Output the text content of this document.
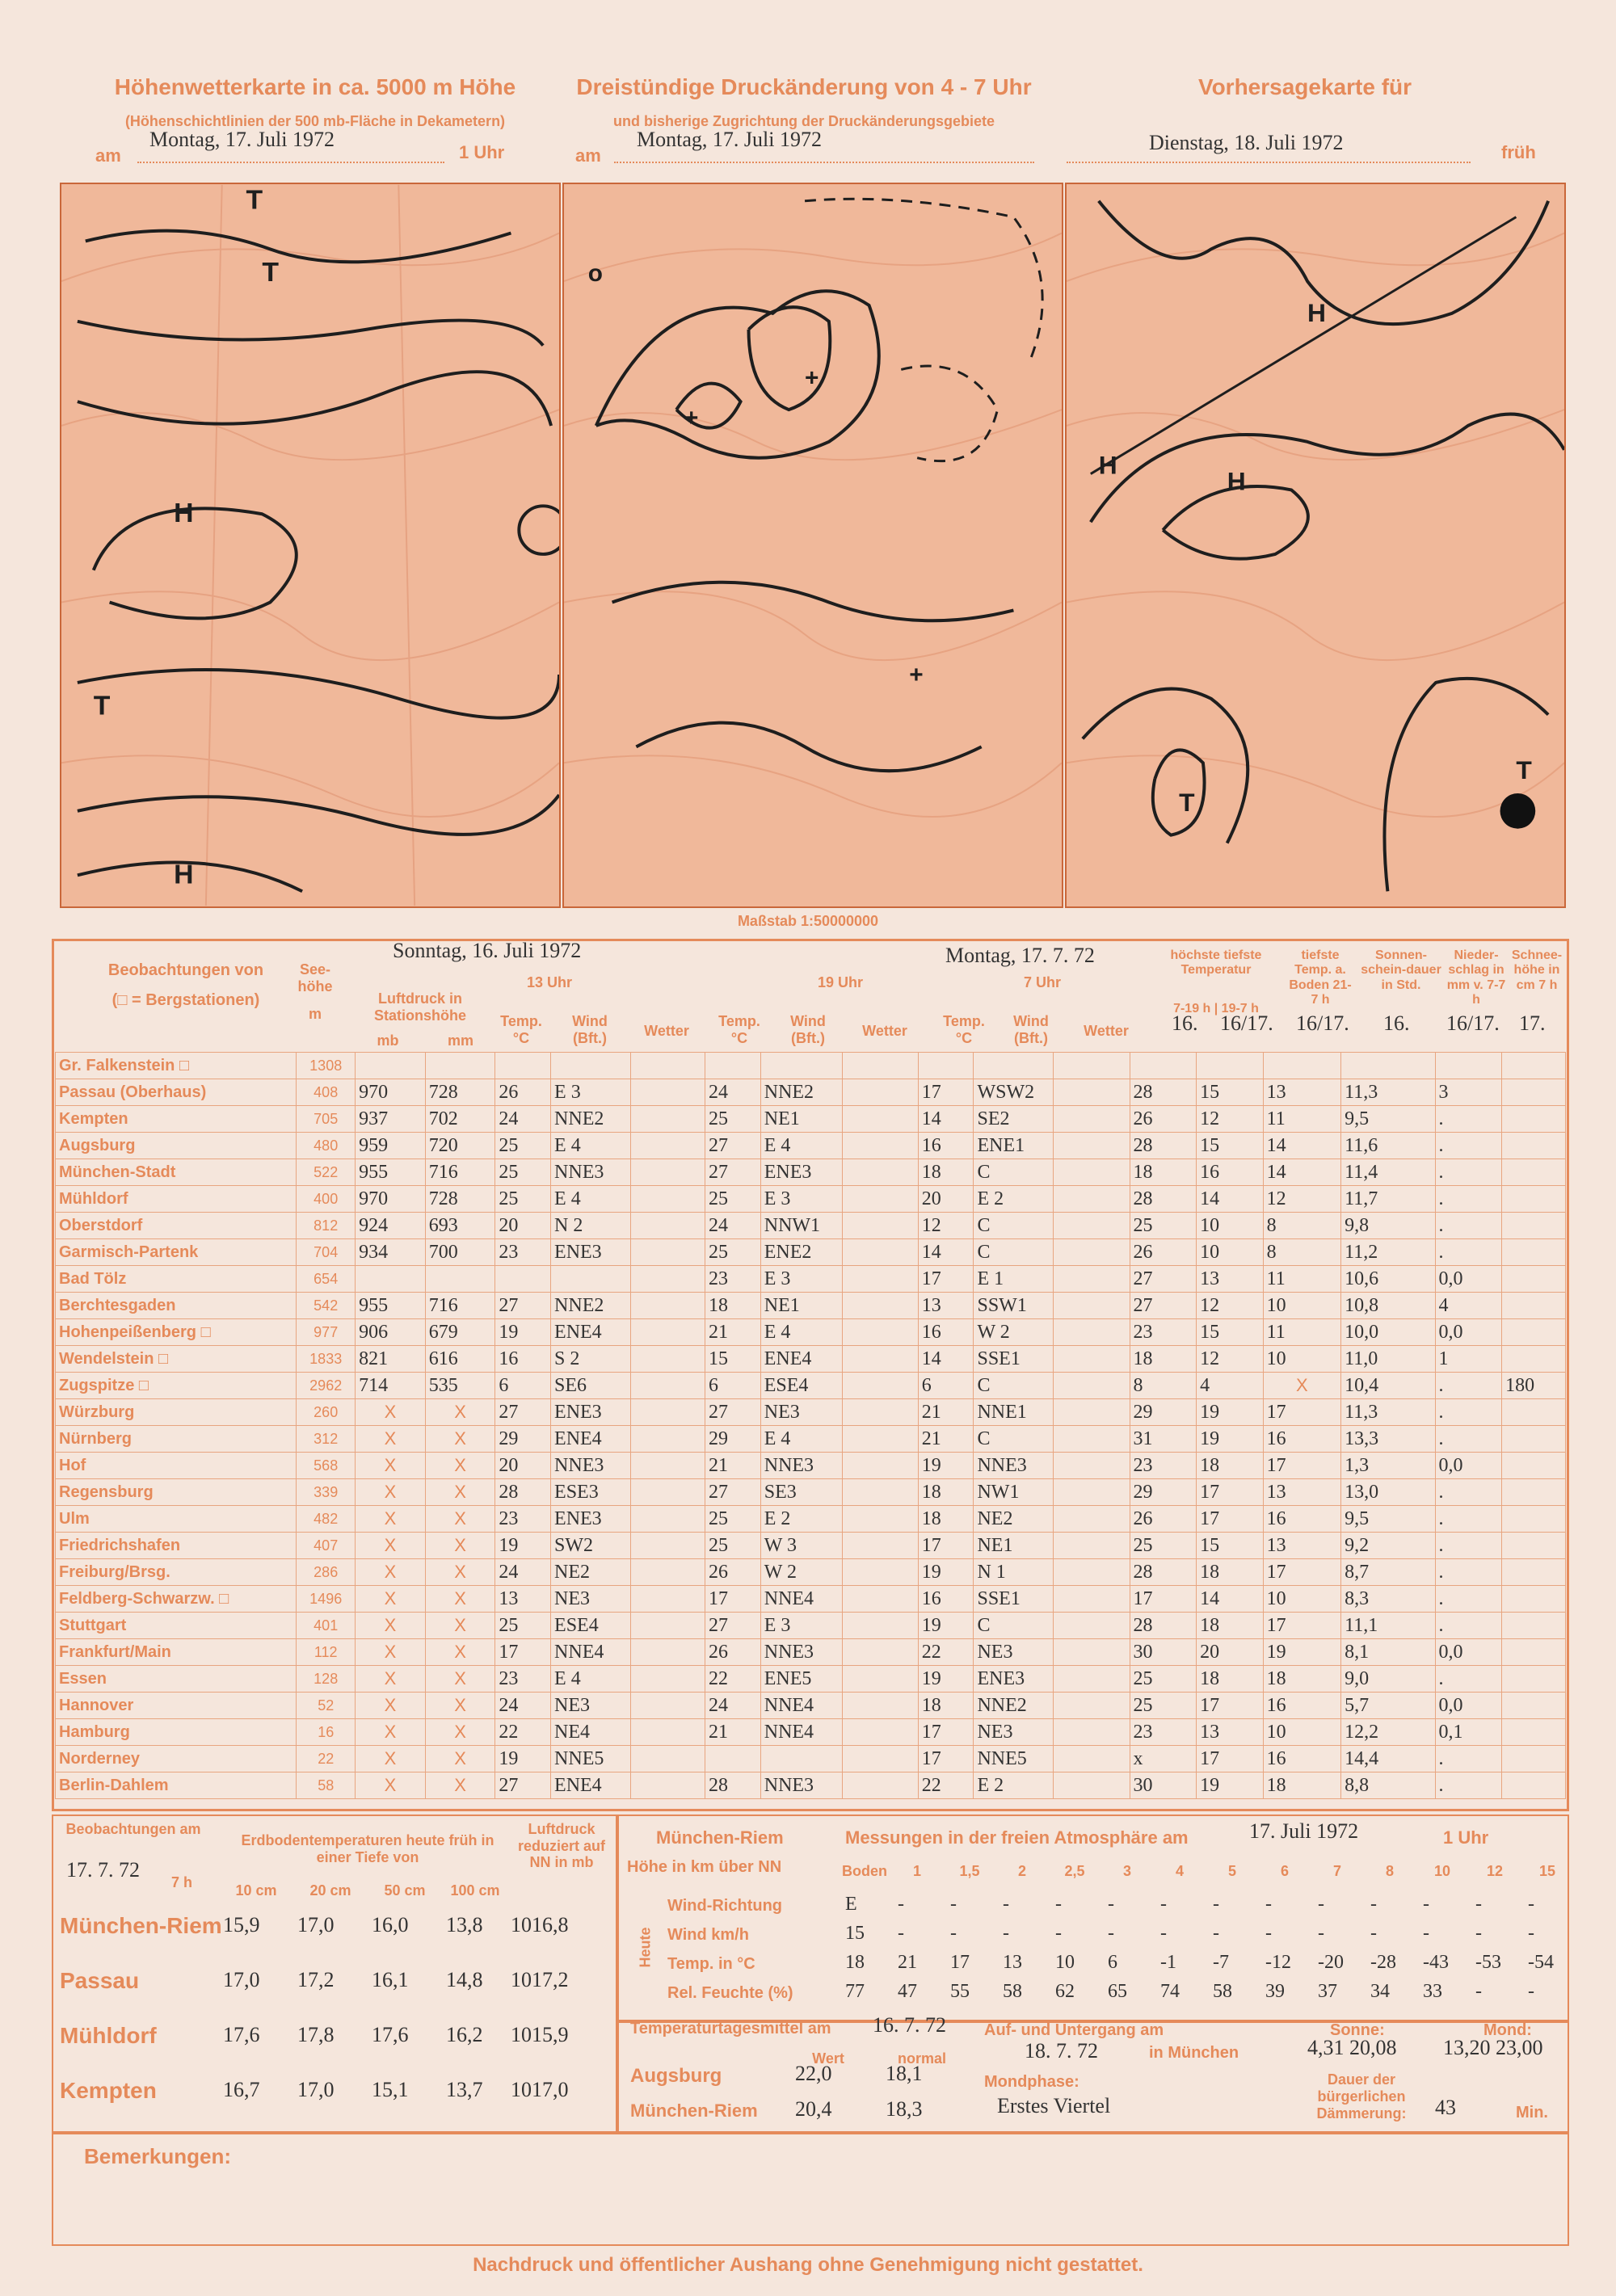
Höhenwetterkarte in ca. 5000 m Höhe
(Höhenschichtlinien der 500 mb-Fläche in Dekametern)
am
Montag, 17. Juli 1972
1 Uhr
Dreistündige Druckänderung von 4 - 7 Uhr
und bisherige Zugrichtung der Druckänderungsgebiete
am
Montag, 17. Juli 1972
Vorhersagekarte für
Dienstag, 18. Juli 1972	früh
T
T
H
T
H
o
+
+
+
H
H
H
T
T
Maßstab 1:50000000
Beobachtungen von
(□ = Bergstationen)
See-höhe
m
Sonntag, 16. Juli 1972
13 Uhr	19 Uhr
Montag, 17. 7. 72
7 Uhr
Luftdruck in Stationshöhe
mb	mm
Temp. °C
Wind (Bft.)	Wetter
Temp. °C
Wind (Bft.)	Wetter
Temp. °C
Wind (Bft.)	Wetter
höchste tiefste Temperatur
7-19 h | 19-7 h
tiefste Temp. a. Boden 21-7 h
Sonnen-schein-dauer in Std.
Nieder-schlag in mm v. 7-7 h
Schnee-höhe in cm 7 h
16. 16/17. 16/17. 16. 16/17. 17.
Gr. Falkenstein □	1308																	
Passau (Oberhaus)	408	970	728	26	E 3		24	NNE2		17	WSW2		28	15	13	11,3	3	
Kempten	705	937	702	24	NNE2		25	NE1		14	SE2		26	12	11	9,5	.	
Augsburg	480	959	720	25	E 4		27	E 4		16	ENE1		28	15	14	11,6	.	
München-Stadt	522	955	716	25	NNE3		27	ENE3		18	C		18	16	14	11,4	.	
Mühldorf	400	970	728	25	E 4		25	E 3		20	E 2		28	14	12	11,7	.	
Oberstdorf	812	924	693	20	N 2		24	NNW1		12	C		25	10	8	9,8	.	
Garmisch-Partenk	704	934	700	23	ENE3		25	ENE2		14	C		26	10	8	11,2	.	
Bad Tölz	654						23	E 3		17	E 1		27	13	11	10,6	0,0	
Berchtesgaden	542	955	716	27	NNE2		18	NE1		13	SSW1		27	12	10	10,8	4	
Hohenpeißenberg □	977	906	679	19	ENE4		21	E 4		16	W 2		23	15	11	10,0	0,0	
Wendelstein □	1833	821	616	16	S 2		15	ENE4		14	SSE1		18	12	10	11,0	1	
Zugspitze □	2962	714	535	6	SE6		6	ESE4		6	C		8	4	X	10,4	.	180
Würzburg	260	X	X	27	ENE3		27	NE3		21	NNE1		29	19	17	11,3	.	
Nürnberg	312	X	X	29	ENE4		29	E 4		21	C		31	19	16	13,3	.	
Hof	568	X	X	20	NNE3		21	NNE3		19	NNE3		23	18	17	1,3	0,0	
Regensburg	339	X	X	28	ESE3		27	SE3		18	NW1		29	17	13	13,0	.	
Ulm	482	X	X	23	ENE3		25	E 2		18	NE2		26	17	16	9,5	.	
Friedrichshafen	407	X	X	19	SW2		25	W 3		17	NE1		25	15	13	9,2	.	
Freiburg/Brsg.	286	X	X	24	NE2		26	W 2		19	N 1		28	18	17	8,7	.	
Feldberg-Schwarzw. □	1496	X	X	13	NE3		17	NNE4		16	SSE1		17	14	10	8,3	.	
Stuttgart	401	X	X	25	ESE4		27	E 3		19	C		28	18	17	11,1	.	
Frankfurt/Main	112	X	X	17	NNE4		26	NNE3		22	NE3		30	20	19	8,1	0,0	
Essen	128	X	X	23	E 4		22	ENE5		19	ENE3		25	18	18	9,0	.	
Hannover	52	X	X	24	NE3		24	NNE4		18	NNE2		25	17	16	5,7	0,0	
Hamburg	16	X	X	22	NE4		21	NNE4		17	NE3		23	13	10	12,2	0,1	
Norderney	22	X	X	19	NNE5					17	NNE5		x	17	16	14,4	.	
Berlin-Dahlem	58	X	X	27	ENE4		28	NNE3		22	E 2		30	19	18	8,8	.	
Beobachtungen am
17. 7. 72
7 h
Erdbodentemperaturen heute früh in einer Tiefe von
10 cm	20 cm	50 cm	100 cm
Luftdruck reduziert auf NN in mb
München-Riem 15,9 17,0 16,0 13,8 1016,8
Passau	17,0 17,2 16,1 14,8 1017,2
Mühldorf	17,6 17,8 17,6 16,2 1015,9
Kempten	16,7 17,0 15,1 13,7 1017,0
München-Riem	Messungen in der freien Atmosphäre am	17. Juli 1972	1 Uhr
Höhe in km über NN
Heute
Boden	1	1,5	2	2,5	3	4	5	6	7	8	10	12	15
Wind-Richtung	E - - - - - - - - - - - - -
Wind km/h	15 - - - - - - - - - - - - -
Temp. in °C	18 21 17 13 10 6 -1 -7 -12 -20 -28 -43 -53 -54
Rel. Feuchte (%)	77 47 55 58 62 65 74 58 39 37 34 33 - -
Temperaturtagesmittel am 16. 7. 72
Wert	normal
Augsburg	22,0	18,1
München-Riem 20,4	18,3
Auf- und Untergang am
18. 7. 72	in München
Sonne:
4,31 20,08
Mond:
13,20 23,00
Mondphase:
Erstes Viertel
Dauer der bürgerlichen Dämmerung:	43	Min.
Bemerkungen:
Nachdruck und öffentlicher Aushang ohne Genehmigung nicht gestattet.
